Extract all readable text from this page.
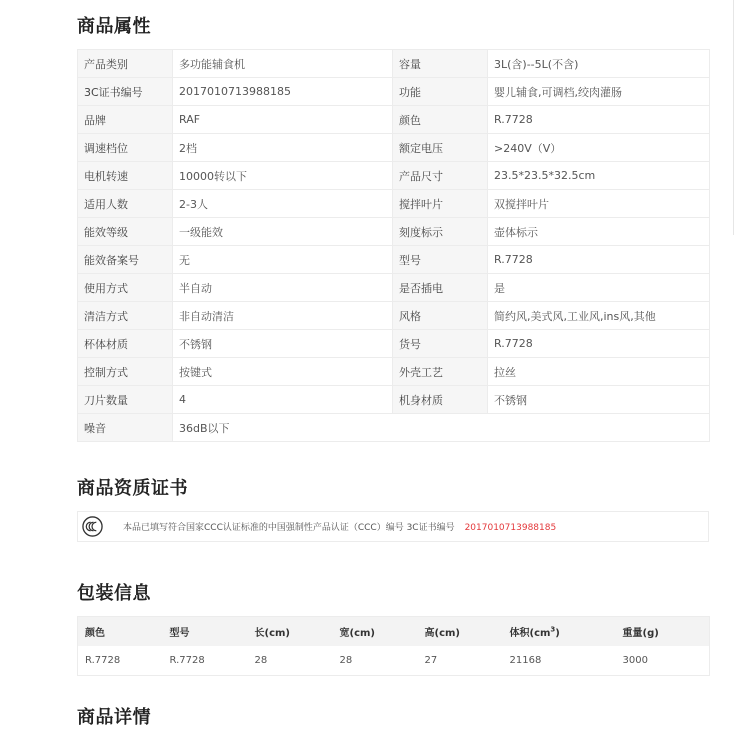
商品属性
产品类别	多功能辅食机	容量	3L(含)--5L(不含)
3C证书编号	2017010713988185	功能	婴儿辅食,可调档,绞肉灌肠
品牌	RAF	颜色	R.7728
调速档位	2档	额定电压	>240V（V）
电机转速	10000转以下	产品尺寸	23.5*23.5*32.5cm
适用人数	2-3人	搅拌叶片	双搅拌叶片
能效等级	一级能效	刻度标示	壶体标示
能效备案号	无	型号	R.7728
使用方式	半自动	是否插电	是
清洁方式	非自动清洁	风格	简约风,美式风,工业风,ins风,其他
杯体材质	不锈钢	货号	R.7728
控制方式	按键式	外壳工艺	拉丝
刀片数量	4	机身材质	不锈钢
噪音	36dB以下		
商品资质证书
本品已填写符合国家CCC认证标准的中国强制性产品认证（CCC）编号 3C证书编号 2017010713988185
包装信息
颜色	型号	长(cm)	宽(cm)	高(cm)	体积$(cm^3)$	重量(g)
R.7728	R.7728	28	28	27	21168	3000
商品详情
